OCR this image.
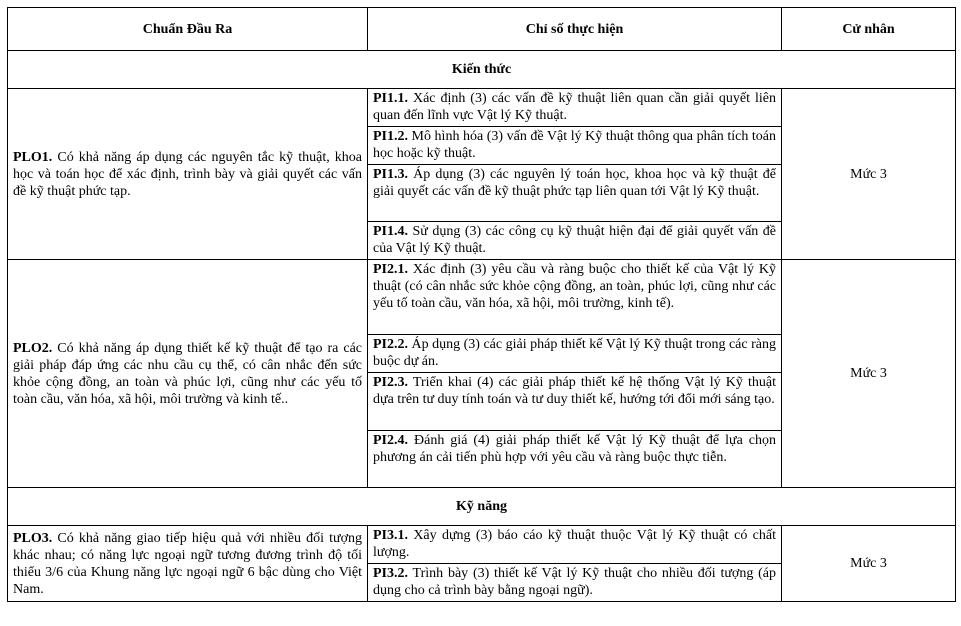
Chuẩn Đầu Ra	Chỉ số thực hiện	Cử nhân
Kiến thức		
PLO1. Có khả năng áp dụng các nguyên tắc kỹ thuật, khoa học và toán học để xác định, trình bày và giải quyết các vấn đề kỹ thuật phức tạp.	PI1.1. Xác định (3) các vấn đề kỹ thuật liên quan cần giải quyết liên quan đến lĩnh vực Vật lý Kỹ thuật.	Mức 3
	PI1.2. Mô hình hóa (3) vấn đề Vật lý Kỹ thuật thông qua phân tích toán học hoặc kỹ thuật.	
	PI1.3. Áp dụng (3) các nguyên lý toán học, khoa học và kỹ thuật để giải quyết các vấn đề kỹ thuật phức tạp liên quan tới Vật lý Kỹ thuật.	
	PI1.4. Sử dụng (3) các công cụ kỹ thuật hiện đại để giải quyết vấn đề của Vật lý Kỹ thuật.	
PLO2. Có khả năng áp dụng thiết kế kỹ thuật để tạo ra các giải pháp đáp ứng các nhu cầu cụ thể, có cân nhắc đến sức khỏe cộng đồng, an toàn và phúc lợi, cũng như các yếu tố toàn cầu, văn hóa, xã hội, môi trường và kinh tế..	PI2.1. Xác định (3) yêu cầu và ràng buộc cho thiết kế của Vật lý Kỹ thuật (có cân nhắc sức khỏe cộng đồng, an toàn, phúc lợi, cũng như các yếu tố toàn cầu, văn hóa, xã hội, môi trường, kinh tế).	Mức 3
	PI2.2. Áp dụng (3) các giải pháp thiết kế Vật lý Kỹ thuật trong các ràng buộc dự án.	
	PI2.3. Triển khai (4) các giải pháp thiết kế hệ thống Vật lý Kỹ thuật dựa trên tư duy tính toán và tư duy thiết kế, hướng tới đổi mới sáng tạo.	
	PI2.4. Đánh giá (4) giải pháp thiết kế Vật lý Kỹ thuật để lựa chọn phương án cải tiến phù hợp với yêu cầu và ràng buộc thực tiễn.	
Kỹ năng		
PLO3. Có khả năng giao tiếp hiệu quả với nhiều đối tượng khác nhau; có năng lực ngoại ngữ tương đương trình độ tối thiểu 3/6 của Khung năng lực ngoại ngữ 6 bậc dùng cho Việt Nam.	PI3.1. Xây dựng (3) báo cáo kỹ thuật thuộc Vật lý Kỹ thuật có chất lượng.	Mức 3
	PI3.2. Trình bày (3) thiết kế Vật lý Kỹ thuật cho nhiều đối tượng (áp dụng cho cả trình bày bằng ngoại ngữ).	
